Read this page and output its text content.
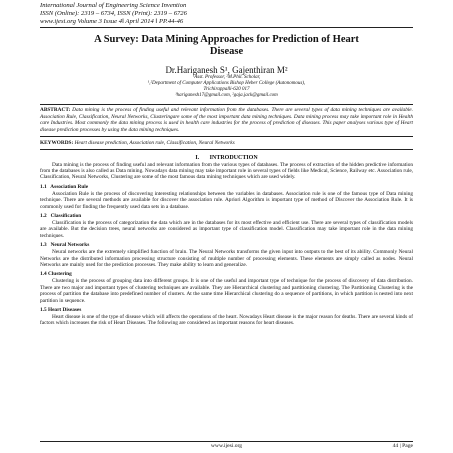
International Journal of Engineering Science Invention
ISSN (Online): 2319 – 6734, ISSN (Print): 2319 – 6726
www.ijesi.org Volume 3 Issue 4ǁ April 2014 ǁ PP.44-46
A Survey: Data Mining Approaches for Prediction of Heart
Disease
Dr.Hariganesh S¹, Gajenthiran M²
¹Asst. Professor, ²M.Phil. Scholar,
¹,²Department of Computer Applications Bishop Heber College (Autonomous),
Trichirappalli-620 017
¹hariganesh17@gmail.com, ²gaja.jack@gmail.com
ABSTRACT: Data mining is the process of finding useful and relevant information from the databases. There are several types of data mining techniques are available. Association Rule, Classification, Neural Networks, Clusteringare some of the most important data mining techniques. Data mining process may take important role in Health care Industries. Most commonly the data mining process is used in health care industries for the process of prediction of diseases. This paper analyses various type of Heart disease prediction processes by using the data mining techniques.
KEYWORDS: Heart disease prediction, Association rule, Classification, Neural Networks
I.       INTRODUCTION
Data mining is the process of finding useful and relevant information from the various types of databases. The process of extraction of the hidden predictive information from the databases is also called as Data mining. Nowadays data mining may take important role in several types of fields like Medical, Science, Railway etc. Association rule, Classification, Neural Networks, Clustering are some of the most famous data mining techniques which are used widely.
1.1   Association Rule
Association Rule is the process of discovering interesting relationships between the variables in databases. Association rule is one of the famous type of Data mining technique. There are several methods are available for discover the association rule. Apriori Algorithm is important type of method of Discover the Association Rule. It is commonly used for finding the frequently used data sets in a database.
1.2   Classification
Classification is the process of categorization the data which are in the databases for its most effective and efficient use. There are several types of classification models are available. But the decision trees, neural networks are considered as important type of classification model. Classification may take important role in the data mining techniques.
1.3   Neural Networks
Neural networks are the extremely simplified function of brain. The Neural Networks transforms the given input into outputs to the best of its ability. Commonly Neural Networks are the distributed information processing structure consisting of multiple number of processing elements. These elements are simply called as nodes. Neural Networks are mainly used for the prediction processes. They make ability to learn and generalize.
1.4 Clustering
Clustering is the process of grouping data into different groups. It is one of the useful and important type of technique for the process of discovery of data distribution. There are two major and important types of clustering techniques are available. They are Hierarchical clustering and partitioning clustering. The Partitioning Clustering is the process of partition the database into predefined number of clusters. At the same time Hierarchical clustering do a sequence of partitions, in which partition is nested into next partition in sequence.
1.5 Heart Diseases
Heart disease is one of the type of disease which will affects the operations of the heart. Nowadays Heart disease is the major reason for deaths. There are several kinds of factors which increases the risk of Heart Diseases. The following are considered as important reasons for heart diseases.
www.ijesi.org	44 | Page
